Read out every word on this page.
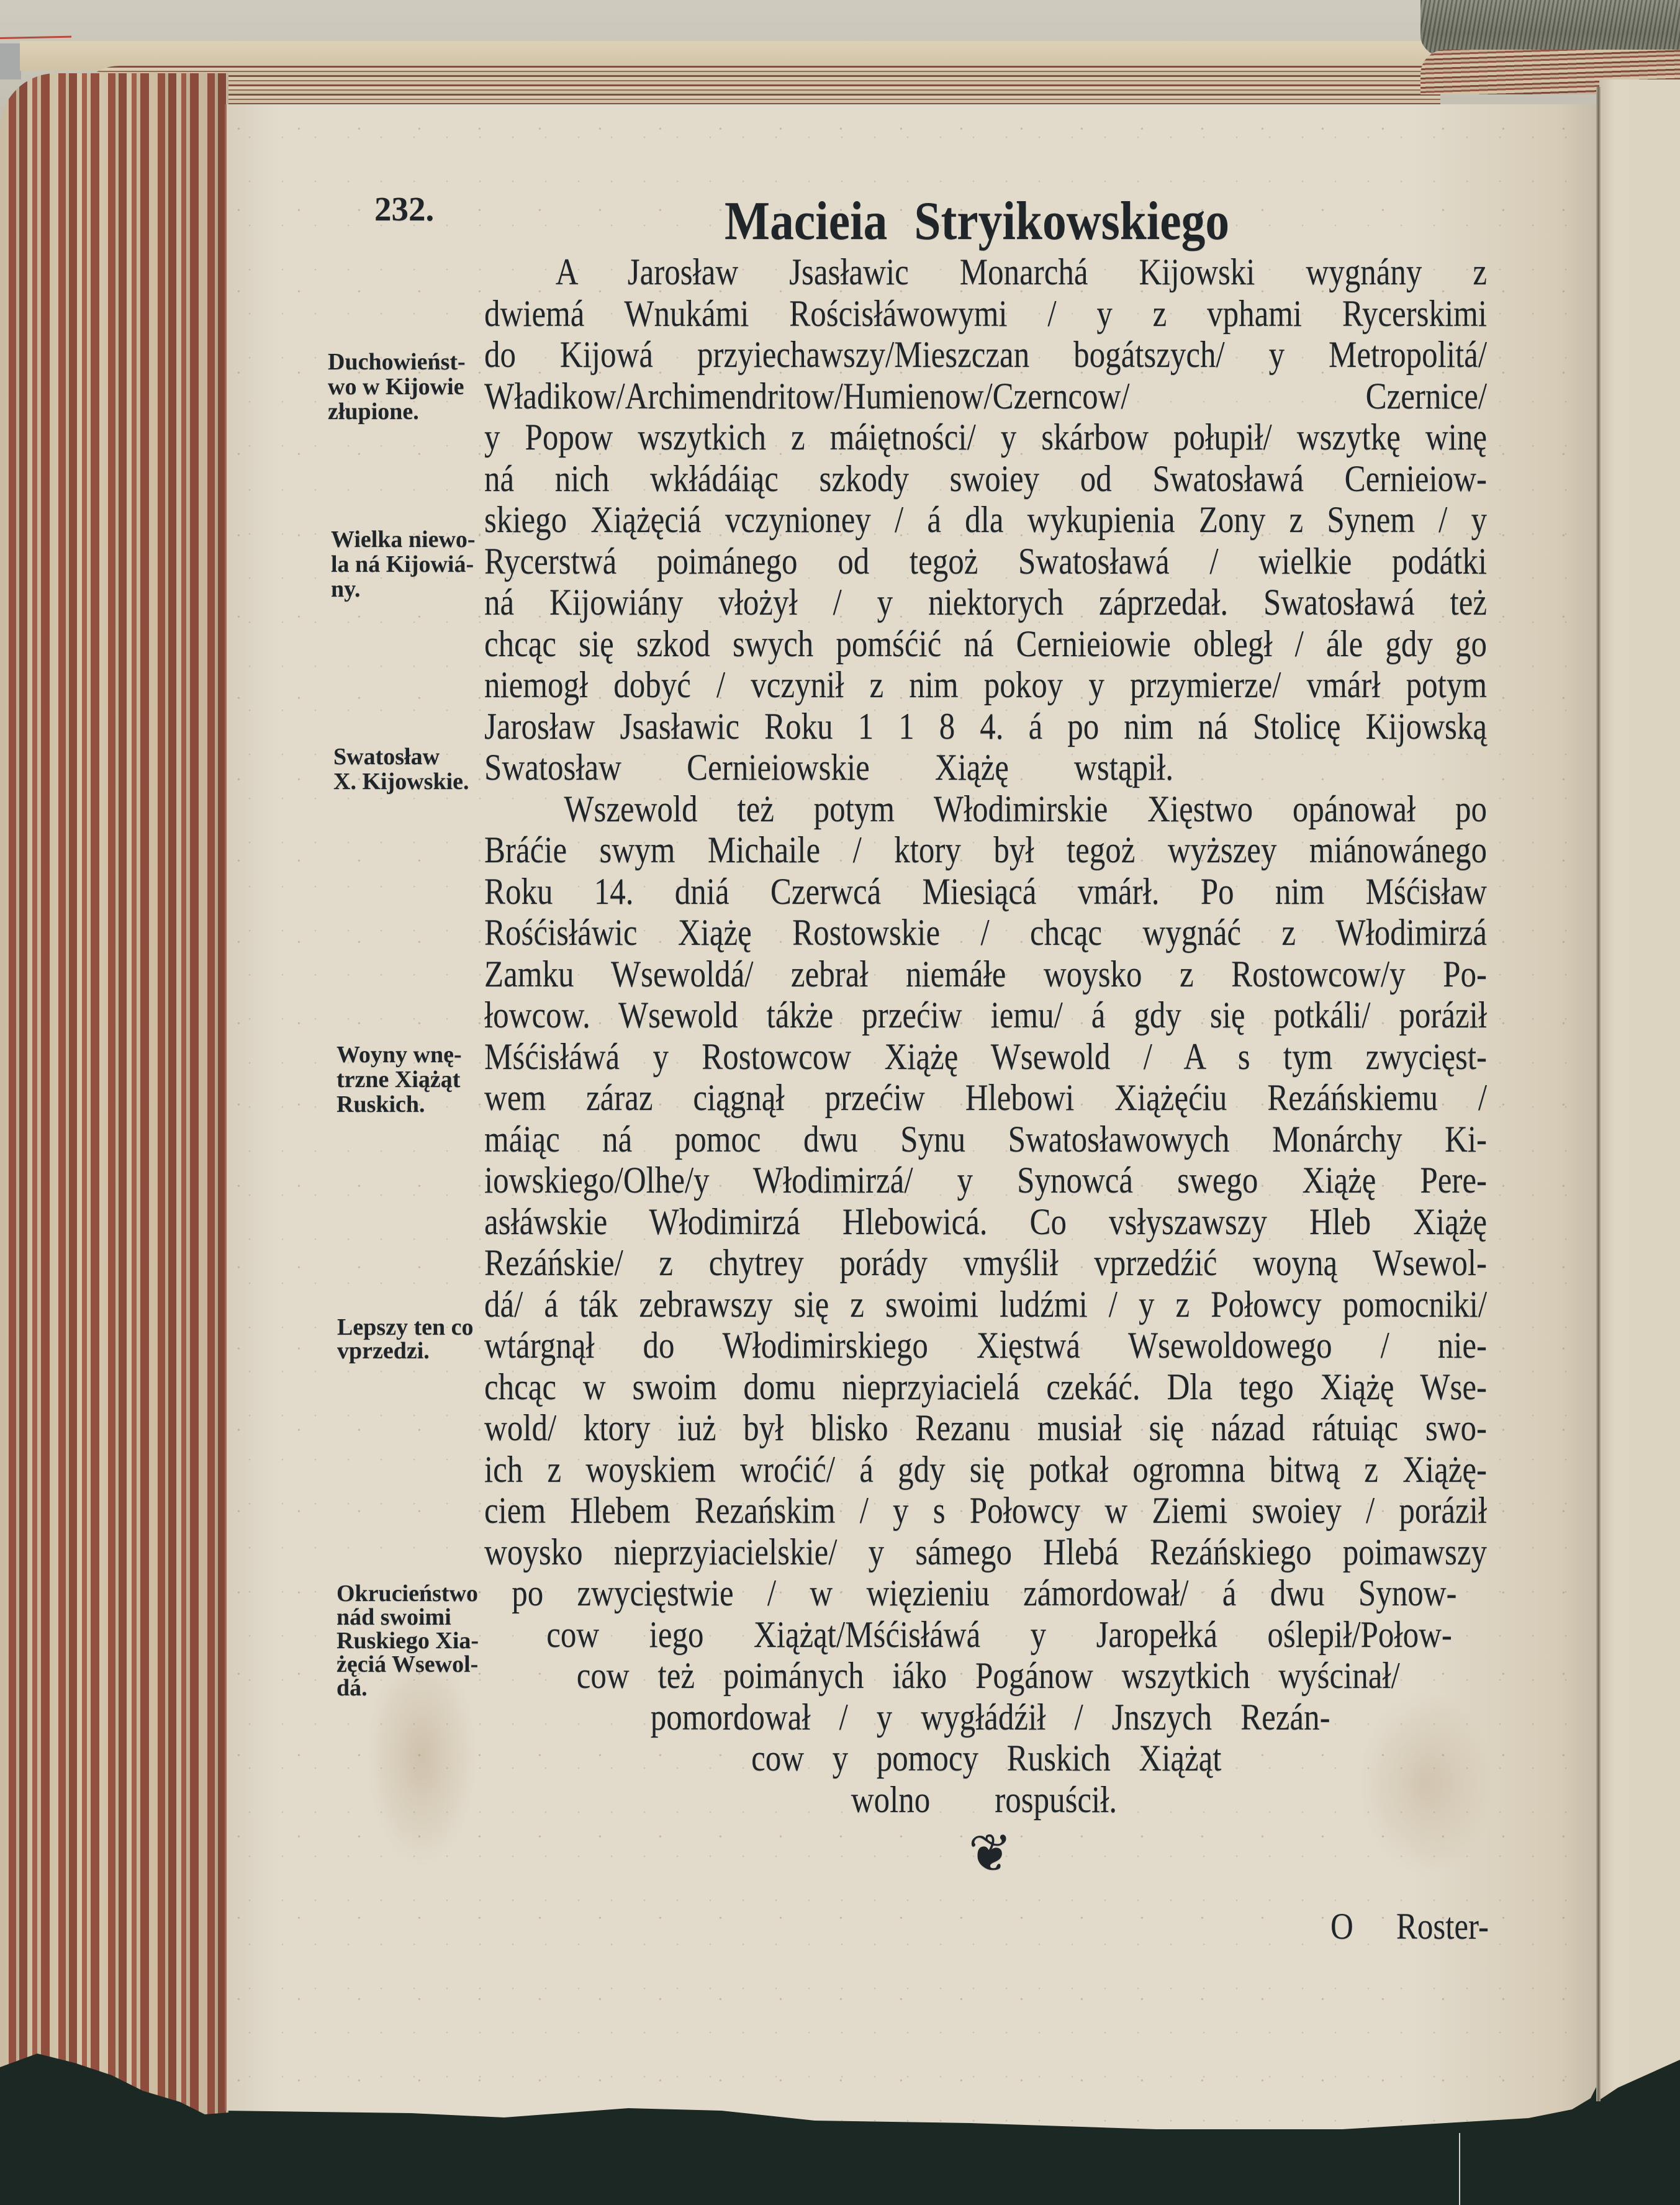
232.	Macieia Stryikowskiego
A Jarosław Jsasławic Monarchá Kijowski wygnány z
dwiemá Wnukámi Rościsłáwowymi / y z vphami Rycerskimi
do Kijowá przyiechawszy/Mieszczan bogátszych/ y Metropolitá/
Władikow/Archimendritow/Humienow/Czerncow/ Czernice/
y Popow wszytkich z máiętności/ y skárbow połupił/ wszytkę winę
ná nich wkłádáiąc szkody swoiey od Swatosławá Cernieiow-
skiego Xiążęciá vczynioney / á dla wykupienia Zony z Synem / y
Rycerstwá poimánego od tegoż Swatosławá / wielkie podátki
ná Kijowiány vłożył / y niektorych záprzedał. Swatosławá też
chcąc się szkod swych pomśćić ná Cernieiowie obległ / ále gdy go
niemogł dobyć / vczynił z nim pokoy y przymierze/ vmárł potym
Jarosław Jsasławic Roku 1 1 8 4. á po nim ná Stolicę Kijowską
Swatosław Cernieiowskie Xiążę wstąpił.
Wszewold też potym Włodimirskie Xięstwo opánował po
Bráćie swym Michaile / ktory był tegoż wyższey miánowánego
Roku 14. dniá Czerwcá Miesiącá vmárł. Po nim Mśćisław
Rośćisłáwic Xiążę Rostowskie / chcąc wygnáć z Włodimirzá
Zamku Wsewoldá/ zebrał niemáłe woysko z Rostowcow/y Po-
łowcow. Wsewold tákże przećiw iemu/ á gdy się potkáli/ poráził
Mśćisłáwá y Rostowcow Xiążę Wsewold / A s tym zwycięst-
wem záraz ciągnął przećiw Hlebowi Xiążęćiu Rezáńskiemu /
máiąc ná pomoc dwu Synu Swatosławowych Monárchy Ki-
iowskiego/Olhe/y Włodimirzá/ y Synowcá swego Xiążę Pere-
asłáwskie Włodimirzá Hlebowicá. Co vsłyszawszy Hleb Xiążę
Rezáńskie/ z chytrey porády vmyślił vprzedźić woyną Wsewol-
dá/ á ták zebrawszy się z swoimi ludźmi / y z Połowcy pomocniki/
wtárgnął do Włodimirskiego Xięstwá Wsewoldowego / nie-
chcąc w swoim domu nieprzyiacielá czekáć. Dla tego Xiążę Wse-
wold/ ktory iuż był blisko Rezanu musiał się názad rátuiąc swo-
ich z woyskiem wroćić/ á gdy się potkał ogromna bitwą z Xiążę-
ciem Hlebem Rezańskim / y s Połowcy w Ziemi swoiey / poráził
woysko nieprzyiacielskie/ y sámego Hlebá Rezáńskiego poimawszy
po zwycięstwie / w więzieniu zámordował/ á dwu Synow-
cow iego Xiążąt/Mśćisłáwá y Jaropełká oślepił/Połow-
cow też poimánych iáko Pogánow wszytkich wyścinał/
pomordował / y wygłádźił / Jnszych Rezán-
cow y pomocy Ruskich Xiążąt
wolno rospuścił.
❦
O Roster-
Duchowieńst-
wo w Kijowie
złupione.
Wielka niewo-
la ná Kijowiá-
ny.
Swatosław
X. Kijowskie.
Woyny wnę-
trzne Xiążąt
Ruskich.
Lepszy ten co
vprzedzi.
Okrucieństwo
nád swoimi
Ruskiego Xia-
żęciá Wsewol-
dá.
